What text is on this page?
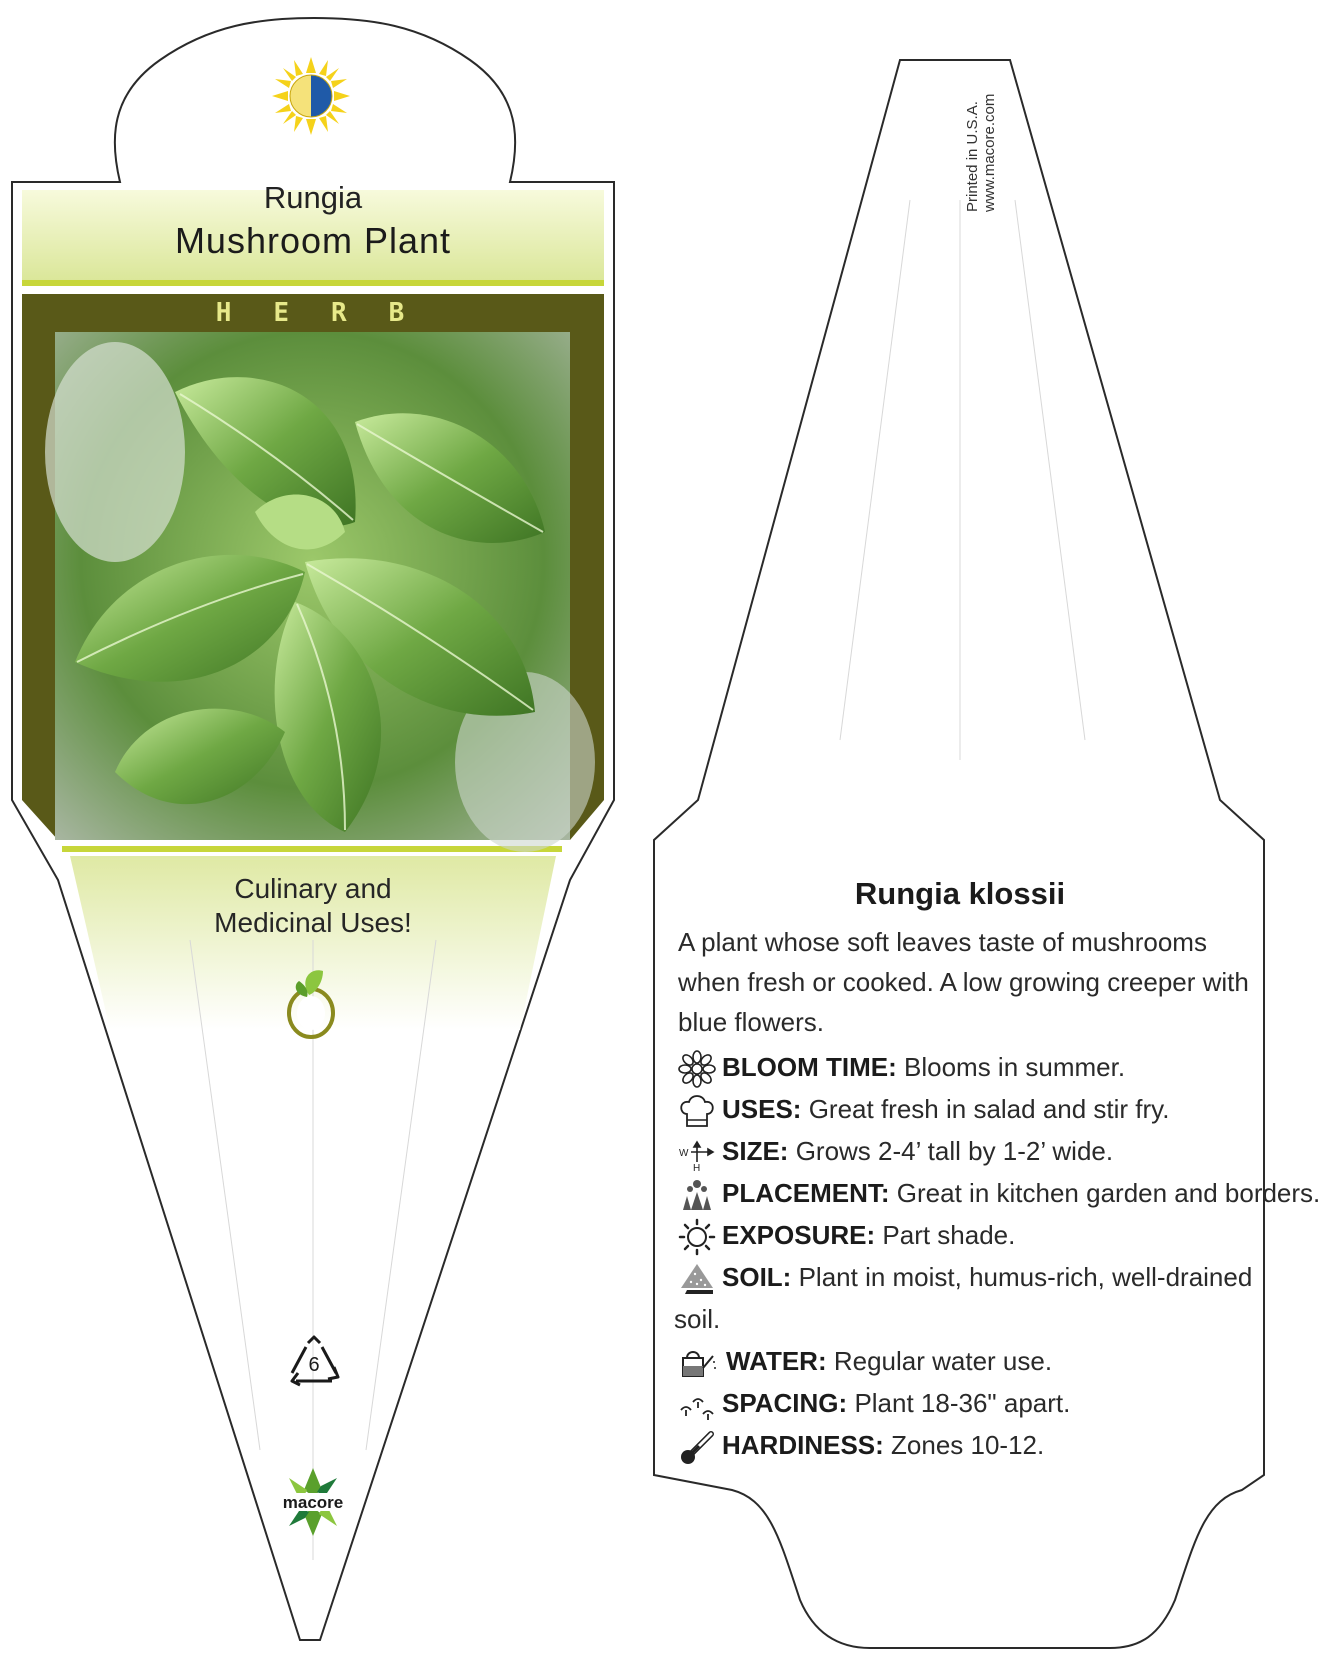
Rungia
Mushroom Plant
HERB
Culinary and
Medicinal Uses!
6
macore
Printed in U.S.A. www.macore.com
Rungia klossii
A plant whose soft leaves taste of mushrooms when fresh or cooked. A low growing creeper with blue flowers.
BLOOM TIME: Blooms in summer.
USES: Great fresh in salad and stir fry.
W
H
SIZE: Grows 2-4’ tall by 1-2’ wide.
PLACEMENT: Great in kitchen garden and borders.
EXPOSURE: Part shade.
SOIL: Plant in moist, humus-rich, well-drained
soil.
WATER: Regular water use.
SPACING: Plant 18-36" apart.
HARDINESS: Zones 10-12.
